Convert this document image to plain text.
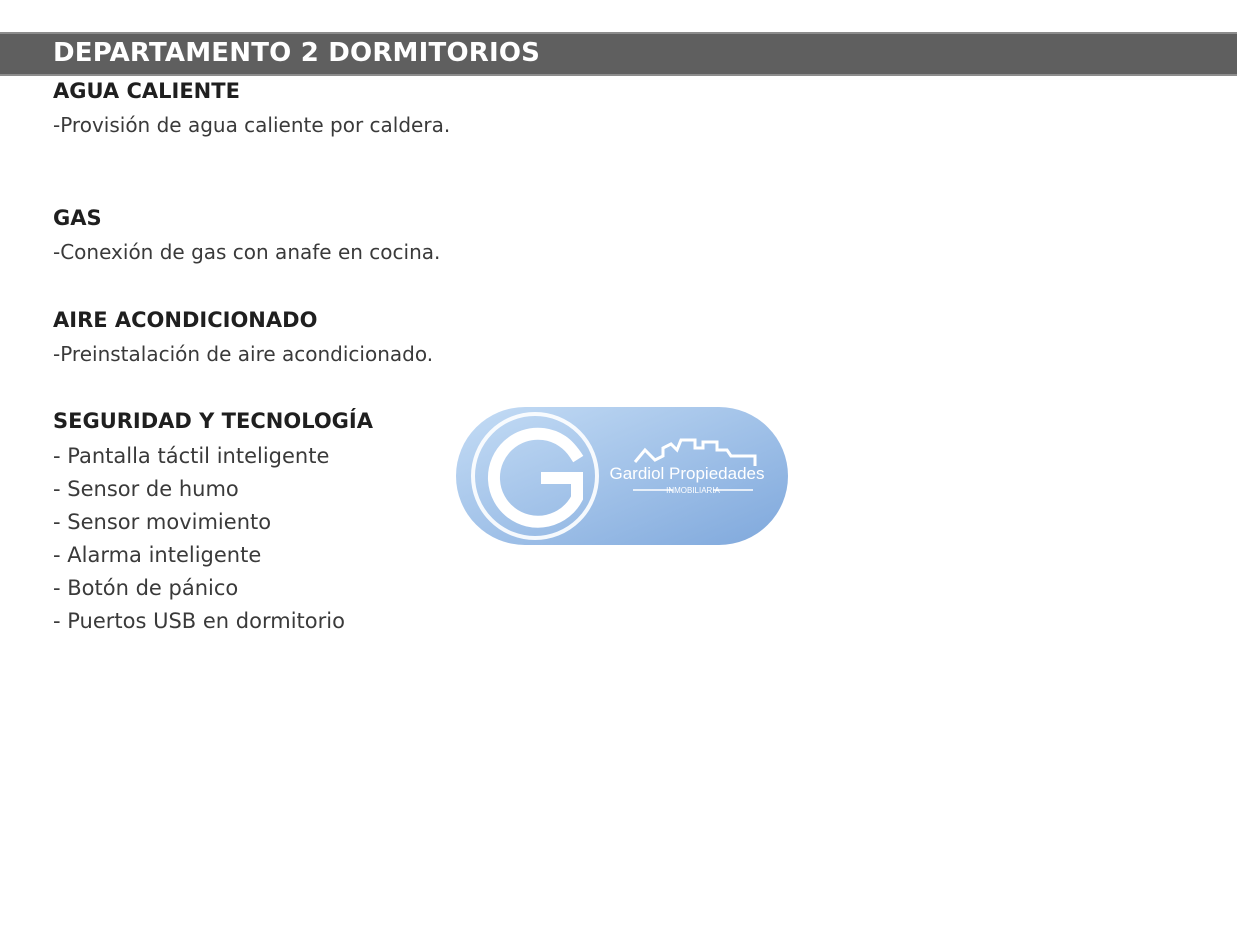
DEPARTAMENTO 2 DORMITORIOS
AGUA CALIENTE
-Provisión de agua caliente por caldera.
GAS
-Conexión de gas con anafe en cocina.
AIRE ACONDICIONADO
-Preinstalación de aire acondicionado.
SEGURIDAD Y TECNOLOGÍA
- Pantalla táctil inteligente
- Sensor de humo
- Sensor movimiento
- Alarma inteligente
- Botón de pánico
- Puertos USB en dormitorio
Gardiol Propiedades
INMOBILIARIA
